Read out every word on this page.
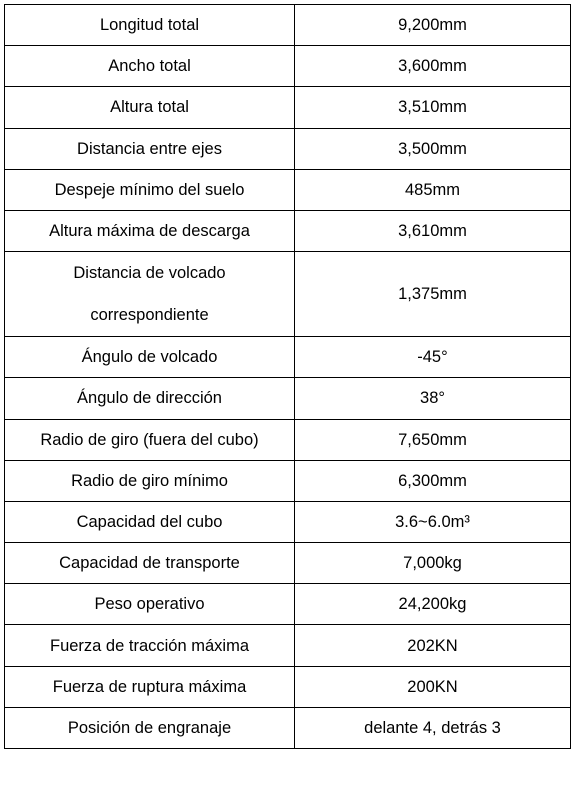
Longitud total	9,200mm
Ancho total	3,600mm
Altura total	3,510mm
Distancia entre ejes	3,500mm
Despeje mínimo del suelo	485mm
Altura máxima de descarga	3,610mm

Distancia de volcado
correspondiente	1,375mm
Ángulo de volcado	-45°
Ángulo de dirección	38°
Radio de giro (fuera del cubo)	7,650mm
Radio de giro mínimo	6,300mm
Capacidad del cubo	3.6~6.0m³
Capacidad de transporte	7,000kg
Peso operativo	24,200kg
Fuerza de tracción máxima	202KN
Fuerza de ruptura máxima	200KN
Posición de engranaje	delante 4, detrás 3
